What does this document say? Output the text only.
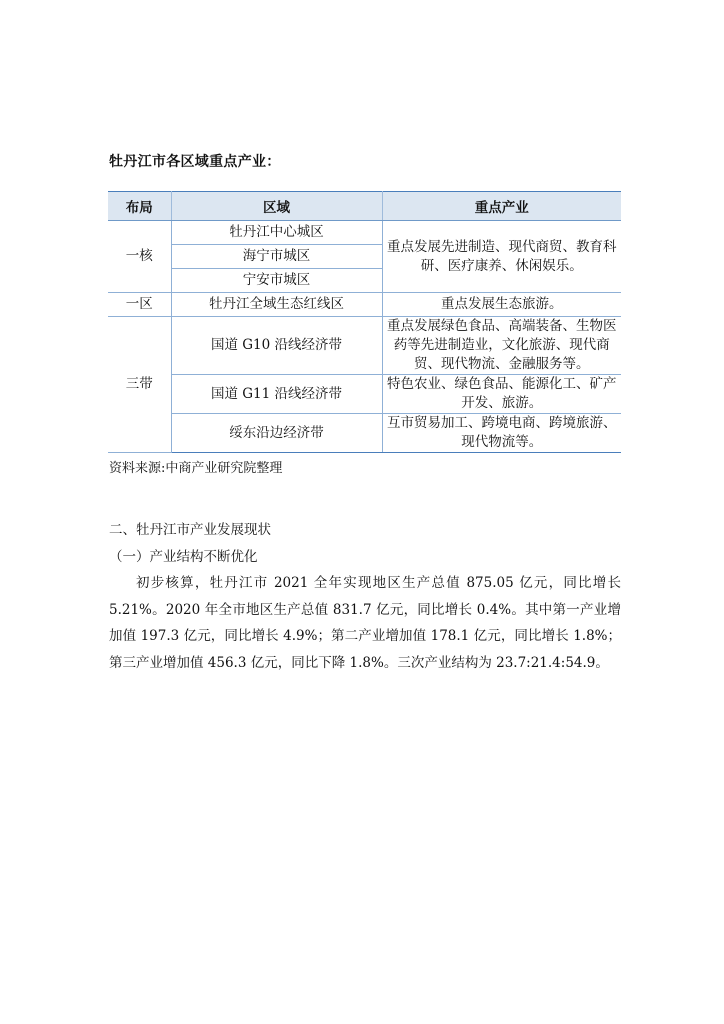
牡丹江市各区域重点产业：
布局	区域	重点产业
一核	牡丹江中心城区	重点发展先进制造、现代商贸、教育科研、医疗康养、休闲娱乐。
	海宁市城区	
	宁安市城区	
一区	牡丹江全域生态红线区	重点发展生态旅游。
三带	国道 G10 沿线经济带	重点发展绿色食品、高端装备、生物医药等先进制造业，文化旅游、现代商贸、现代物流、金融服务等。
	国道 G11 沿线经济带	特色农业、绿色食品、能源化工、矿产开发、旅游。
	绥东沿边经济带	互市贸易加工、跨境电商、跨境旅游、现代物流等。
资料来源:中商产业研究院整理
二、牡丹江市产业发展现状
（一）产业结构不断优化

初步核算，牡丹江市 2021 全年实现地区生产总值 875.05 亿元，同比增长 5.21%。2020 年全市地区生产总值 831.7 亿元，同比增长 0.4%。其中第一产业增加值 197.3 亿元，同比增长 4.9%；第二产业增加值 178.1 亿元，同比增长 1.8%；第三产业增加值 456.3 亿元，同比下降 1.8%。三次产业结构为 23.7:21.4:54.9。
